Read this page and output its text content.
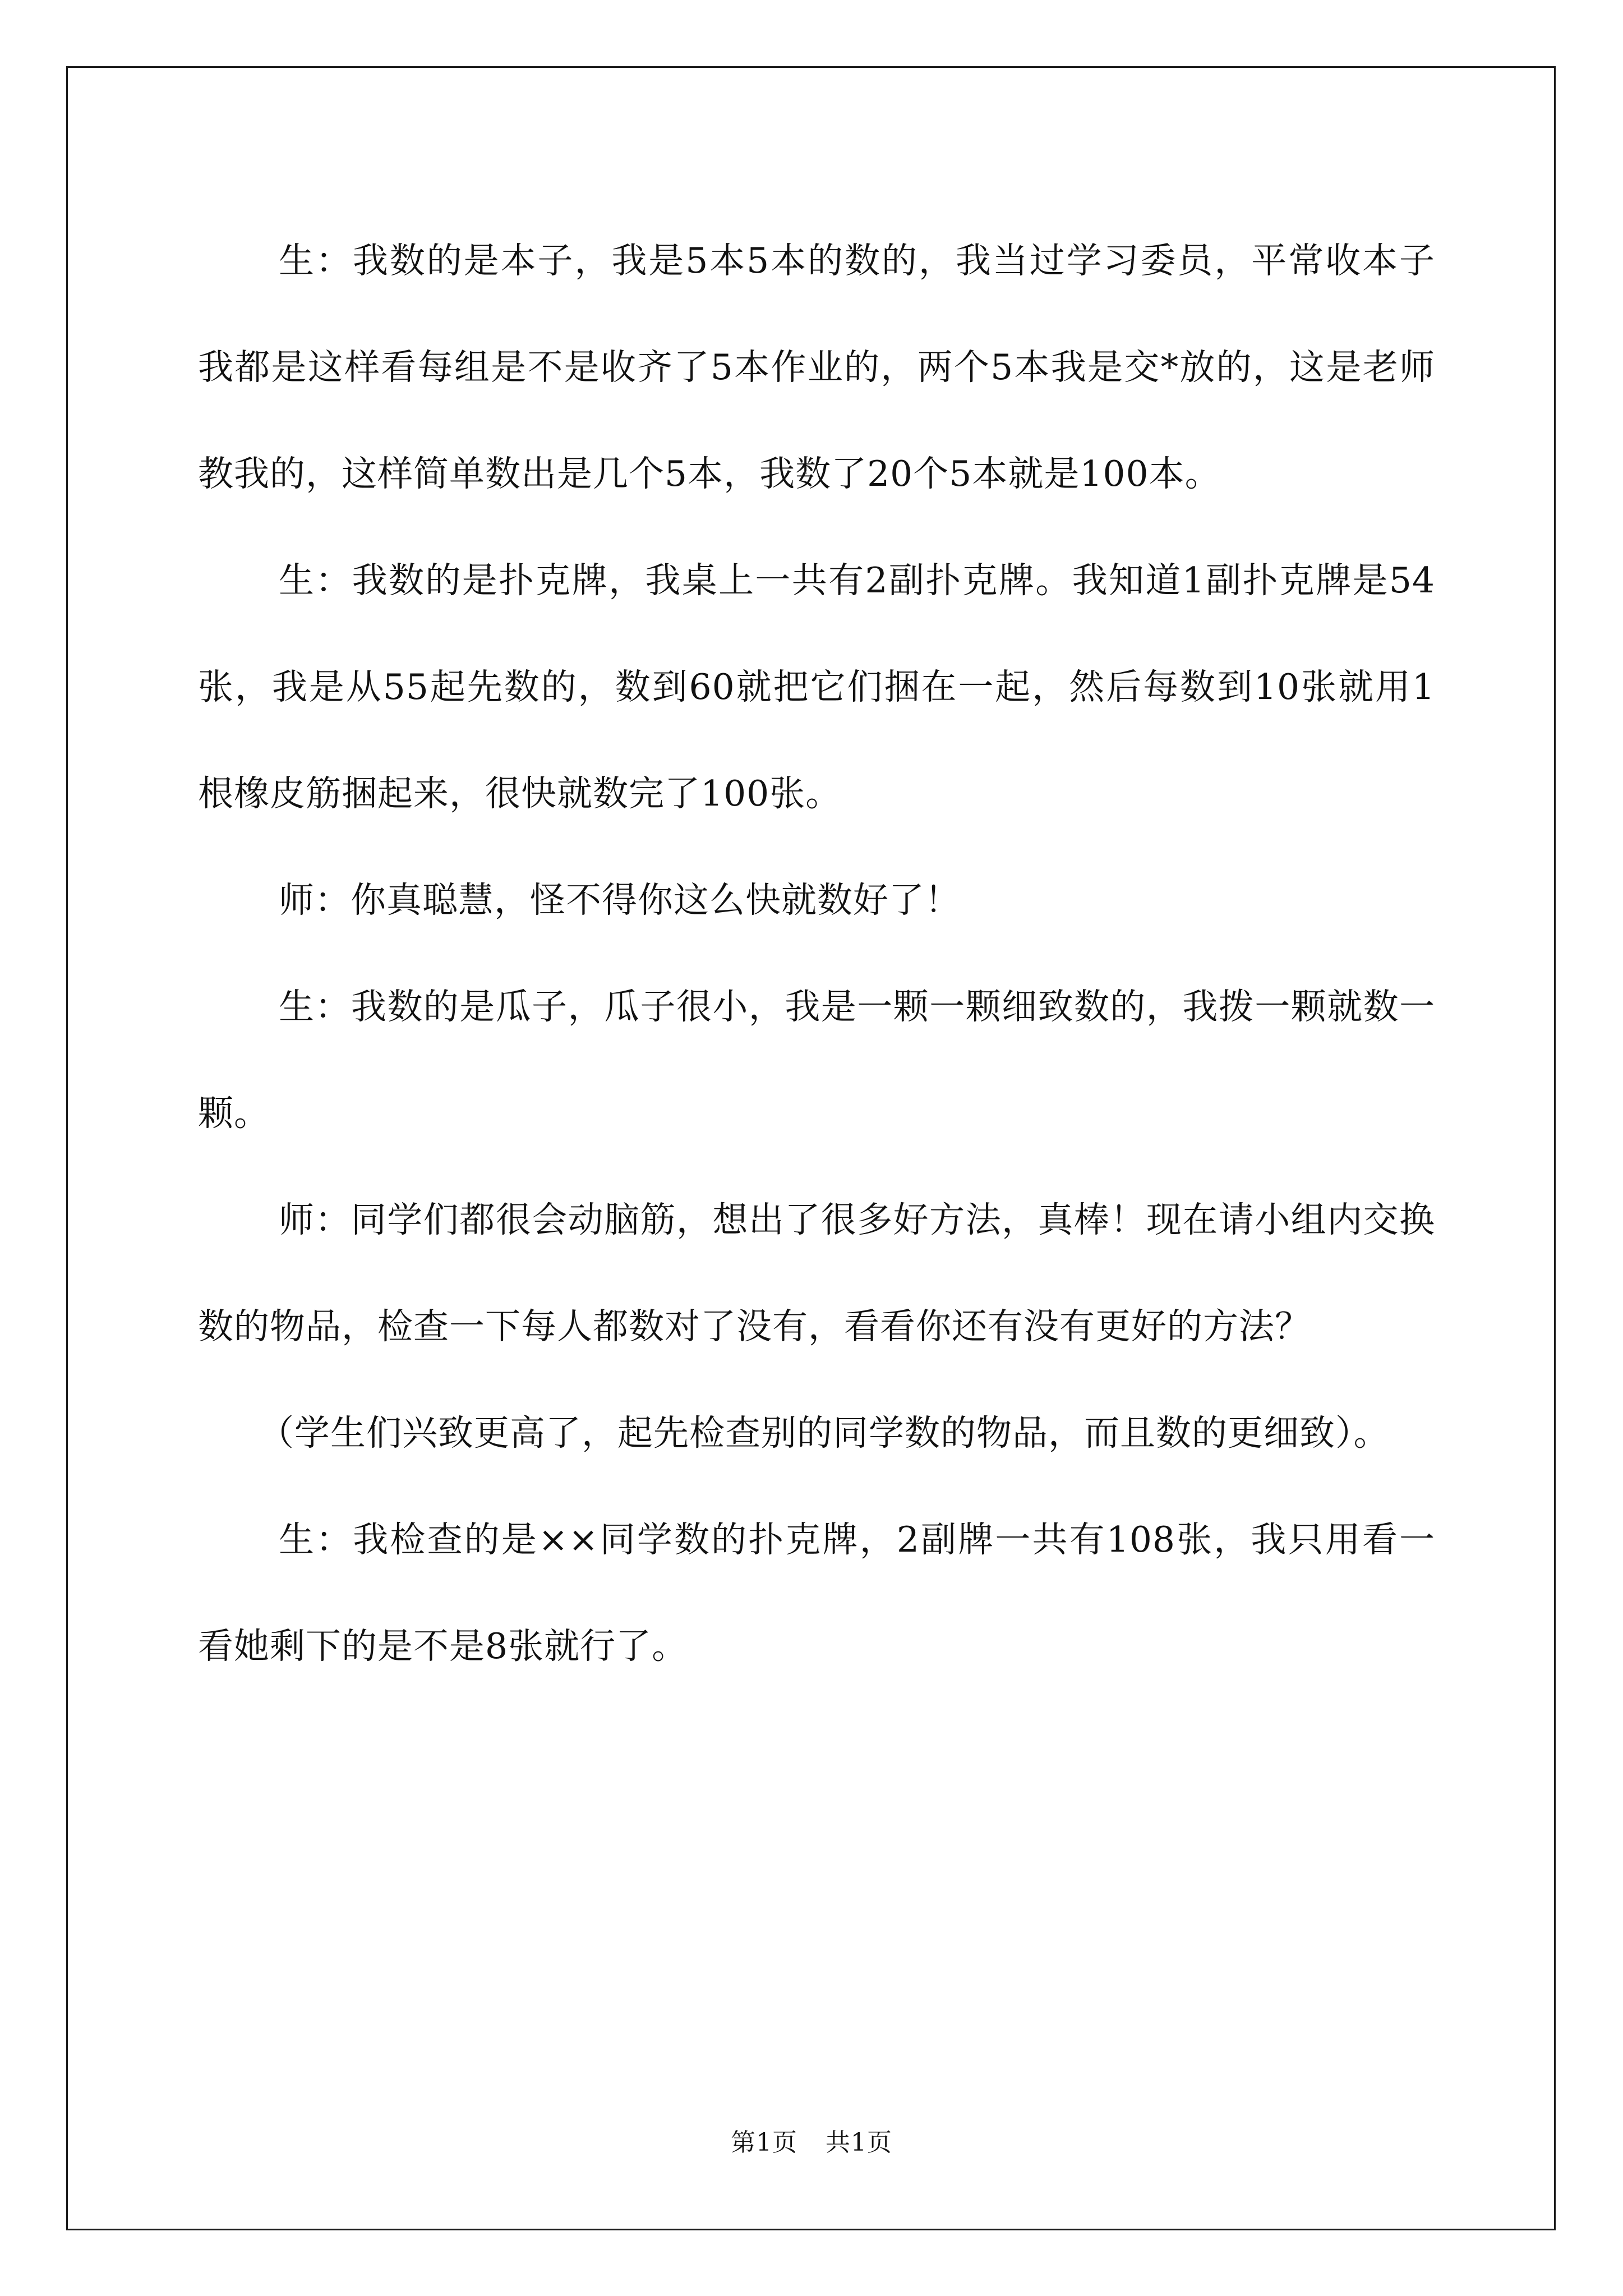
生：我数的是本子，我是5本5本的数的，我当过学习委员，平常收本子我都是这样看每组是不是收齐了5本作业的，两个5本我是交*放的，这是老师教我的，这样简单数出是几个5本，我数了20个5本就是100本。

生：我数的是扑克牌，我桌上一共有2副扑克牌。我知道1副扑克牌是54张，我是从55起先数的，数到60就把它们捆在一起，然后每数到10张就用1根橡皮筋捆起来，很快就数完了100张。

师：你真聪慧，怪不得你这么快就数好了！

生：我数的是瓜子，瓜子很小，我是一颗一颗细致数的，我拨一颗就数一颗。

师：同学们都很会动脑筋，想出了很多好方法，真棒！现在请小组内交换数的物品，检查一下每人都数对了没有，看看你还有没有更好的方法？

（学生们兴致更高了，起先检查别的同学数的物品，而且数的更细致）。

生：我检查的是××同学数的扑克牌，2副牌一共有108张，我只用看一看她剩下的是不是8张就行了。

第1页 共1页
